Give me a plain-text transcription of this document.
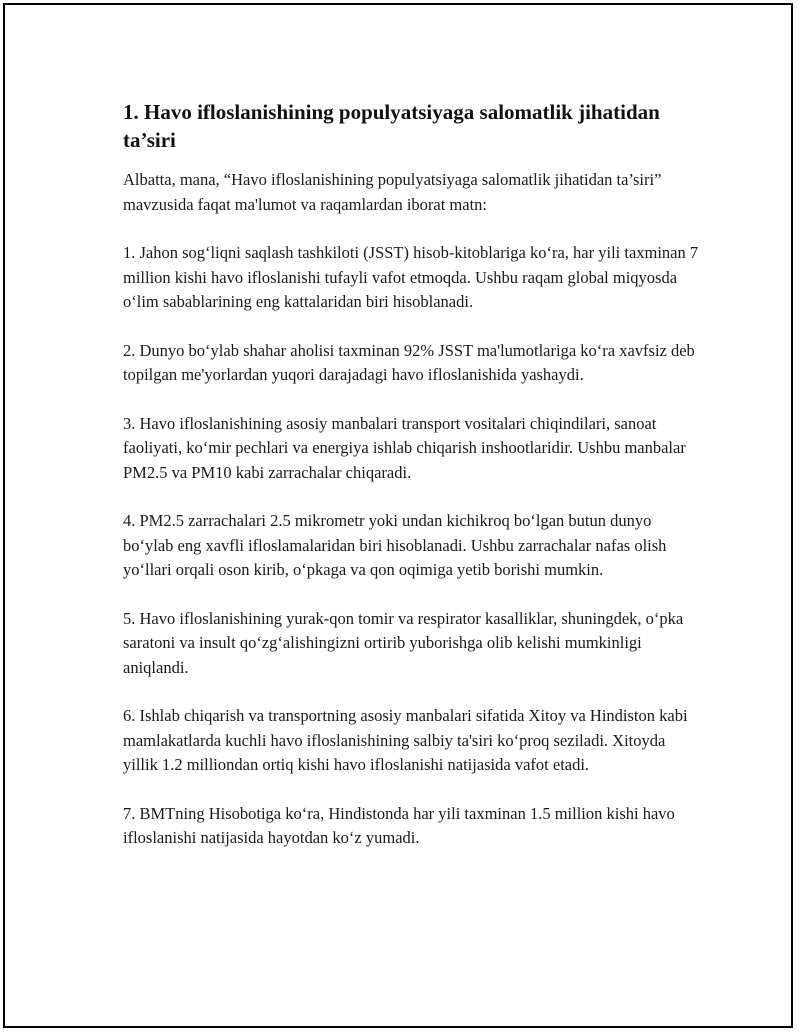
1. Havo ifloslanishining populyatsiyaga salomatlik jihatidan ta’siri

Albatta, mana, “Havo ifloslanishining populyatsiyaga salomatlik jihatidan ta’siri” mavzusida faqat ma'lumot va raqamlardan iborat matn:

1. Jahon sog‘liqni saqlash tashkiloti (JSST) hisob-kitoblariga ko‘ra, har yili taxminan 7 million kishi havo ifloslanishi tufayli vafot etmoqda. Ushbu raqam global miqyosda o‘lim sabablarining eng kattalaridan biri hisoblanadi.

2. Dunyo bo‘ylab shahar aholisi taxminan 92% JSST ma'lumotlariga ko‘ra xavfsiz deb topilgan me'yorlardan yuqori darajadagi havo ifloslanishida yashaydi.

3. Havo ifloslanishining asosiy manbalari transport vositalari chiqindilari, sanoat faoliyati, ko‘mir pechlari va energiya ishlab chiqarish inshootlaridir. Ushbu manbalar PM2.5 va PM10 kabi zarrachalar chiqaradi.

4. PM2.5 zarrachalari 2.5 mikrometr yoki undan kichikroq bo‘lgan butun dunyo bo‘ylab eng xavfli ifloslamalaridan biri hisoblanadi. Ushbu zarrachalar nafas olish yo‘llari orqali oson kirib, o‘pkaga va qon oqimiga yetib borishi mumkin.

5. Havo ifloslanishining yurak-qon tomir va respirator kasalliklar, shuningdek, o‘pka saratoni va insult qo‘zg‘alishingizni ortirib yuborishga olib kelishi mumkinligi aniqlandi.

6. Ishlab chiqarish va transportning asosiy manbalari sifatida Xitoy va Hindiston kabi mamlakatlarda kuchli havo ifloslanishining salbiy ta'siri ko‘proq seziladi. Xitoyda yillik 1.2 milliondan ortiq kishi havo ifloslanishi natijasida vafot etadi.

7. BMTning Hisobotiga ko‘ra, Hindistonda har yili taxminan 1.5 million kishi havo ifloslanishi natijasida hayotdan ko‘z yumadi.
